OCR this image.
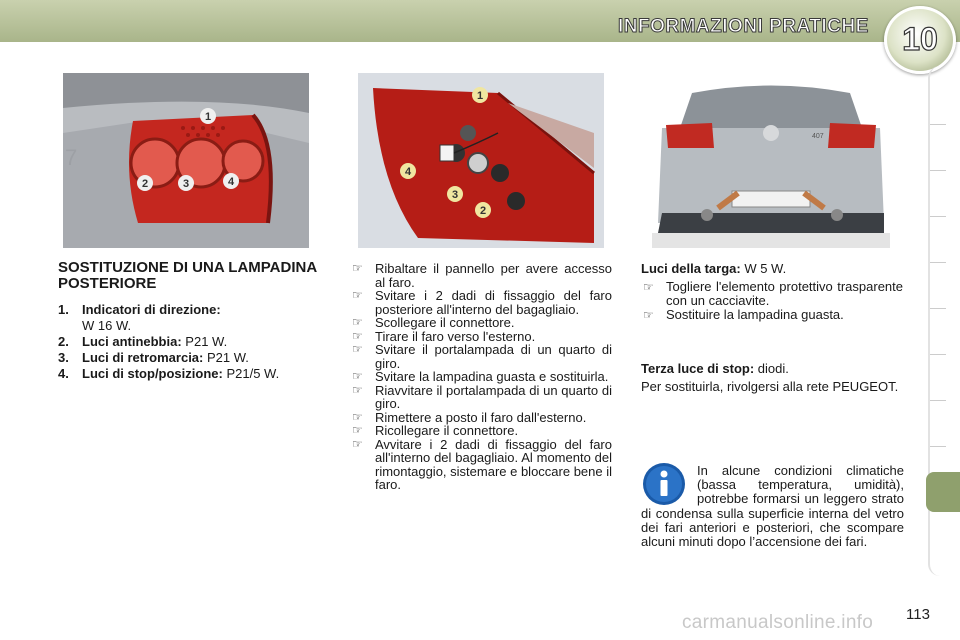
INFORMAZIONI PRATICHE	10
7
1
2	3	4
1
2
3
4
407
SOSTITUZIONE DI UNA LAMPADINA POSTERIORE
1. Indicatori di direzione:
W 16 W.
2. Luci antinebbia: P21 W.
3. Luci di retromarcia: P21 W.
4. Luci di stop/posizione: P21/5 W.
☞ Ribaltare il pannello per avere accesso al faro.
☞ Svitare i 2 dadi di fissaggio del faro posteriore all'interno del bagagliaio.
☞ Scollegare il connettore.
☞ Tirare il faro verso l'esterno.
☞ Svitare il portalampada di un quarto di giro.
☞ Svitare la lampadina guasta e sostituirla.
☞ Riavvitare il portalampada di un quarto di giro.
☞ Rimettere a posto il faro dall'esterno.
☞ Ricollegare il connettore.
☞ Avvitare i 2 dadi di fissaggio del faro all'interno del bagagliaio. Al momento del rimontaggio, sistemare e bloccare bene il faro.
Luci della targa: W 5 W.
☞ Togliere l'elemento protettivo trasparente con un cacciavite.
☞ Sostituire la lampadina guasta.
Terza luce di stop: diodi.
Per sostituirla, rivolgersi alla rete PEUGEOT.
In alcune condizioni climatiche (bassa temperatura, umidità), potrebbe formarsi un leggero strato di condensa sulla superficie interna del vetro dei fari anteriori e posteriori, che scompare alcuni minuti dopo l’accensione dei fari.
113
carmanualsonline.info
